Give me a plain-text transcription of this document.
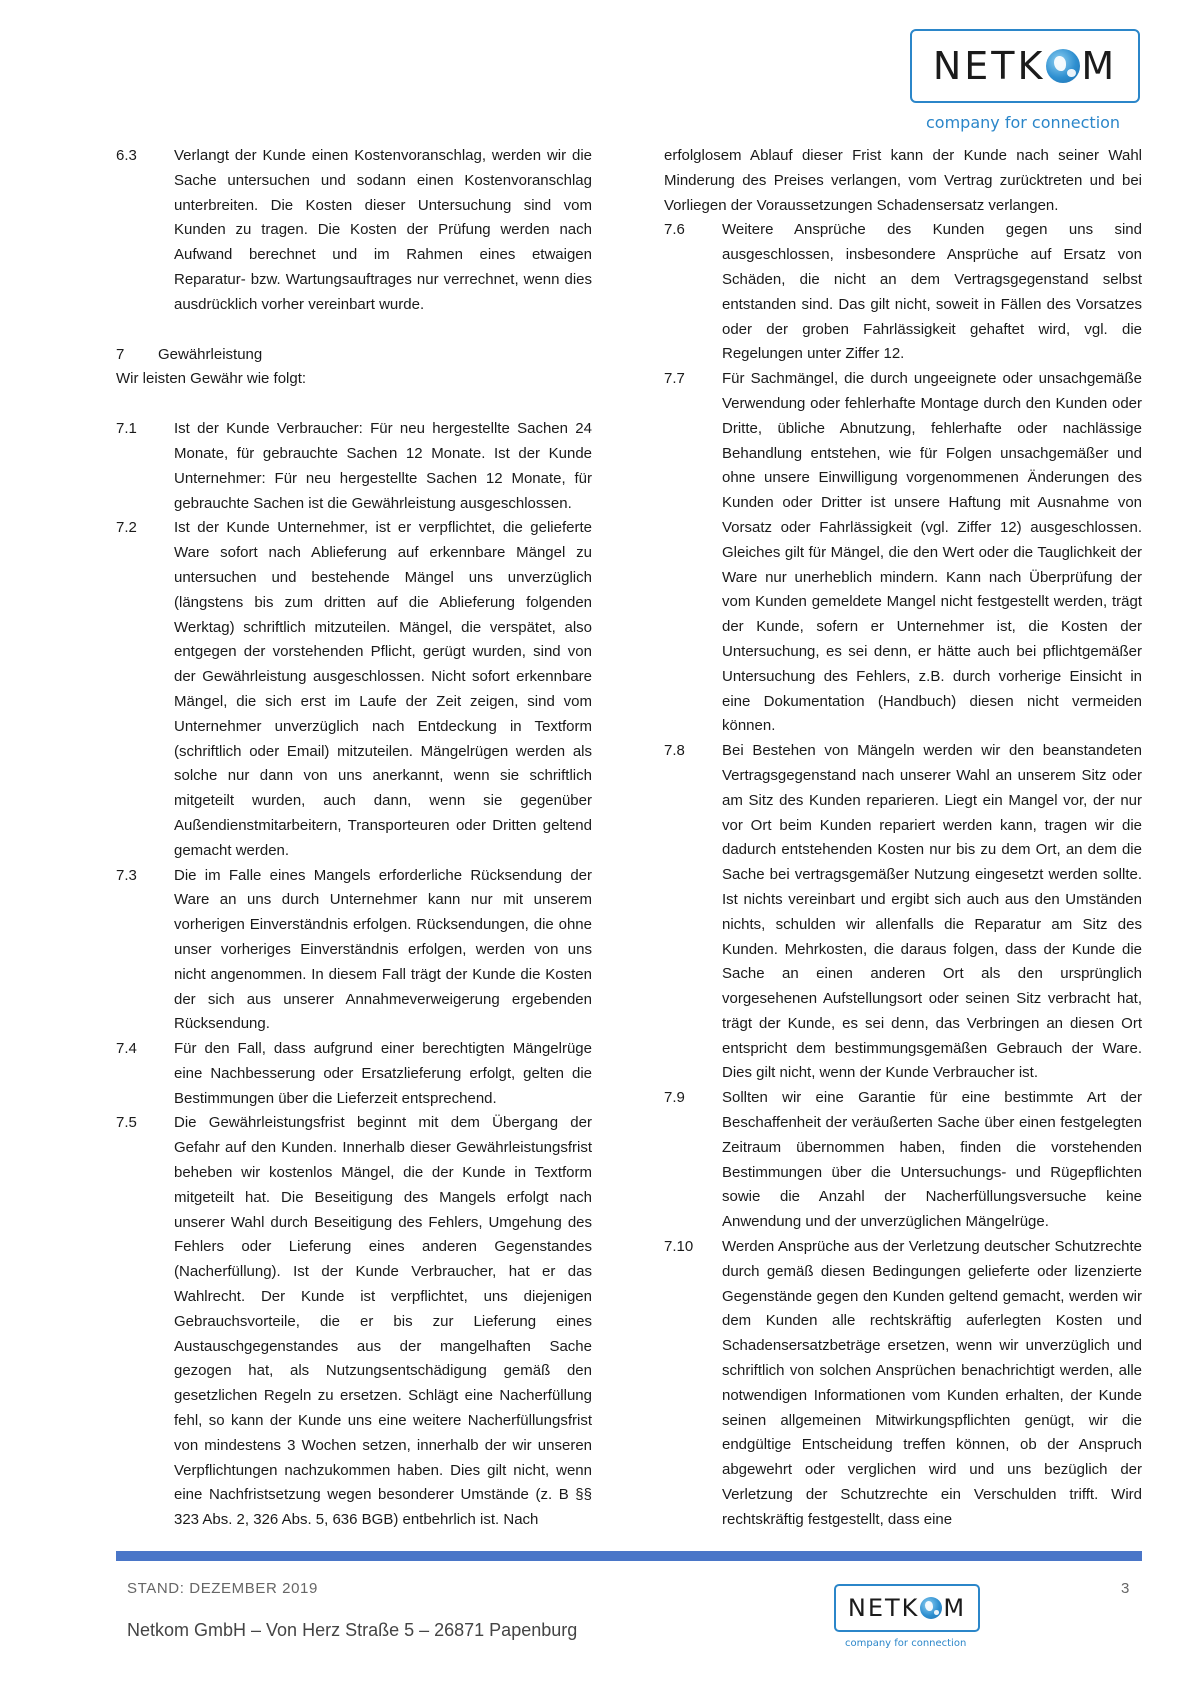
NETK M
company for connection
6.3	Verlangt der Kunde einen Kostenvoranschlag, werden wir die Sache untersuchen und sodann einen Kostenvoranschlag unterbreiten. Die Kosten dieser Untersuchung sind vom Kunden zu tragen. Die Kosten der Prüfung werden nach Aufwand berechnet und im Rahmen eines etwaigen Reparatur- bzw. Wartungsauftrages nur verrechnet, wenn dies ausdrücklich vorher vereinbart wurde.
7	Gewährleistung
Wir leisten Gewähr wie folgt:
7.1	Ist der Kunde Verbraucher: Für neu hergestellte Sachen 24 Monate, für gebrauchte Sachen 12 Monate. Ist der Kunde Unternehmer: Für neu hergestellte Sachen 12 Monate, für gebrauchte Sachen ist die Gewährleistung ausgeschlossen.
7.2	Ist der Kunde Unternehmer, ist er verpflichtet, die gelieferte Ware sofort nach Ablieferung auf erkennbare Mängel zu untersuchen und bestehende Mängel uns unverzüglich (längstens bis zum dritten auf die Ablieferung folgenden Werktag) schriftlich mitzuteilen. Mängel, die verspätet, also entgegen der vorstehenden Pflicht, gerügt wurden, sind von der Gewährleistung ausgeschlossen. Nicht sofort erkennbare Mängel, die sich erst im Laufe der Zeit zeigen, sind vom Unternehmer unverzüglich nach Entdeckung in Textform (schriftlich oder Email) mitzuteilen. Mängelrügen werden als solche nur dann von uns anerkannt, wenn sie schriftlich mitgeteilt wurden, auch dann, wenn sie gegenüber Außendienstmitarbeitern, Transporteuren oder Dritten geltend gemacht werden.
7.3	Die im Falle eines Mangels erforderliche Rücksendung der Ware an uns durch Unternehmer kann nur mit unserem vorherigen Einverständnis erfolgen. Rücksendungen, die ohne unser vorheriges Einverständnis erfolgen, werden von uns nicht angenommen. In diesem Fall trägt der Kunde die Kosten der sich aus unserer Annahmeverweigerung ergebenden Rücksendung.
7.4	Für den Fall, dass aufgrund einer berechtigten Mängelrüge eine Nachbesserung oder Ersatzlieferung erfolgt, gelten die Bestimmungen über die Lieferzeit entsprechend.
7.5	Die Gewährleistungsfrist beginnt mit dem Übergang der Gefahr auf den Kunden. Innerhalb dieser Gewährleistungsfrist beheben wir kostenlos Mängel, die der Kunde in Textform mitgeteilt hat. Die Beseitigung des Mangels erfolgt nach unserer Wahl durch Beseitigung des Fehlers, Umgehung des Fehlers oder Lieferung eines anderen Gegenstandes (Nacherfüllung). Ist der Kunde Verbraucher, hat er das Wahlrecht. Der Kunde ist verpflichtet, uns diejenigen Gebrauchsvorteile, die er bis zur Lieferung eines Austauschgegenstandes aus der mangelhaften Sache gezogen hat, als Nutzungsentschädigung gemäß den gesetzlichen Regeln zu ersetzen. Schlägt eine Nacherfüllung fehl, so kann der Kunde uns eine weitere Nacherfüllungsfrist von mindestens 3 Wochen setzen, innerhalb der wir unseren Verpflichtungen nachzukommen haben. Dies gilt nicht, wenn eine Nachfristsetzung wegen besonderer Umstände (z. B §§ 323 Abs. 2, 326 Abs. 5, 636 BGB) entbehrlich ist. Nach
erfolglosem Ablauf dieser Frist kann der Kunde nach seiner Wahl Minderung des Preises verlangen, vom Vertrag zurücktreten und bei Vorliegen der Voraussetzungen Schadensersatz verlangen.
7.6	Weitere Ansprüche des Kunden gegen uns sind ausgeschlossen, insbesondere Ansprüche auf Ersatz von Schäden, die nicht an dem Vertragsgegenstand selbst entstanden sind. Das gilt nicht, soweit in Fällen des Vorsatzes oder der groben Fahrlässigkeit gehaftet wird, vgl. die Regelungen unter Ziffer 12.
7.7	Für Sachmängel, die durch ungeeignete oder unsachgemäße Verwendung oder fehlerhafte Montage durch den Kunden oder Dritte, übliche Abnutzung, fehlerhafte oder nachlässige Behandlung entstehen, wie für Folgen unsachgemäßer und ohne unsere Einwilligung vorgenommenen Änderungen des Kunden oder Dritter ist unsere Haftung mit Ausnahme von Vorsatz oder Fahrlässigkeit (vgl. Ziffer 12) ausgeschlossen. Gleiches gilt für Mängel, die den Wert oder die Tauglichkeit der Ware nur unerheblich mindern. Kann nach Überprüfung der vom Kunden gemeldete Mangel nicht festgestellt werden, trägt der Kunde, sofern er Unternehmer ist, die Kosten der Untersuchung, es sei denn, er hätte auch bei pflichtgemäßer Untersuchung des Fehlers, z.B. durch vorherige Einsicht in eine Dokumentation (Handbuch) diesen nicht vermeiden können.
7.8	Bei Bestehen von Mängeln werden wir den beanstandeten Vertragsgegenstand nach unserer Wahl an unserem Sitz oder am Sitz des Kunden reparieren. Liegt ein Mangel vor, der nur vor Ort beim Kunden repariert werden kann, tragen wir die dadurch entstehenden Kosten nur bis zu dem Ort, an dem die Sache bei vertragsgemäßer Nutzung eingesetzt werden sollte. Ist nichts vereinbart und ergibt sich auch aus den Umständen nichts, schulden wir allenfalls die Reparatur am Sitz des Kunden. Mehrkosten, die daraus folgen, dass der Kunde die Sache an einen anderen Ort als den ursprünglich vorgesehenen Aufstellungsort oder seinen Sitz verbracht hat, trägt der Kunde, es sei denn, das Verbringen an diesen Ort entspricht dem bestimmungsgemäßen Gebrauch der Ware. Dies gilt nicht, wenn der Kunde Verbraucher ist.
7.9	Sollten wir eine Garantie für eine bestimmte Art der Beschaffenheit der veräußerten Sache über einen festgelegten Zeitraum übernommen haben, finden die vorstehenden Bestimmungen über die Untersuchungs- und Rügepflichten sowie die Anzahl der Nacherfüllungsversuche keine Anwendung und der unverzüglichen Mängelrüge.
7.10	Werden Ansprüche aus der Verletzung deutscher Schutzrechte durch gemäß diesen Bedingungen gelieferte oder lizenzierte Gegenstände gegen den Kunden geltend gemacht, werden wir dem Kunden alle rechtskräftig auferlegten Kosten und Schadensersatzbeträge ersetzen, wenn wir unverzüglich und schriftlich von solchen Ansprüchen benachrichtigt werden, alle notwendigen Informationen vom Kunden erhalten, der Kunde seinen allgemeinen Mitwirkungspflichten genügt, wir die endgültige Entscheidung treffen können, ob der Anspruch abgewehrt oder verglichen wird und uns bezüglich der Verletzung der Schutzrechte ein Verschulden trifft. Wird rechtskräftig festgestellt, dass eine
STAND: DEZEMBER 2019	3
Netkom GmbH – Von Herz Straße 5 – 26871 Papenburg
NETK M
company for connection
